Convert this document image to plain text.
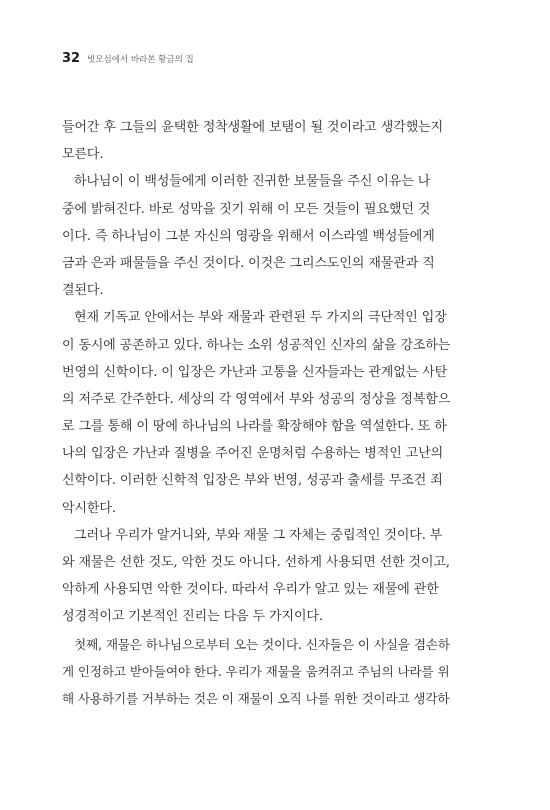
32 빗모섬에서 바라본 황금의 집
들어간 후 그들의 윤택한 정착생활에 보탬이 될 것이라고 생각했는지
모른다.
하나님이 이 백성들에게 이러한 진귀한 보물들을 주신 이유는 나
중에 밝혀진다. 바로 성막을 짓기 위해 이 모든 것들이 필요했던 것
이다. 즉 하나님이 그분 자신의 영광을 위해서 이스라엘 백성들에게
금과 은과 패물들을 주신 것이다. 이것은 그리스도인의 재물관과 직
결된다.
현재 기독교 안에서는 부와 재물과 관련된 두 가지의 극단적인 입장
이 동시에 공존하고 있다. 하나는 소위 성공적인 신자의 삶을 강조하는
번영의 신학이다. 이 입장은 가난과 고통을 신자들과는 관계없는 사탄
의 저주로 간주한다. 세상의 각 영역에서 부와 성공의 정상을 정복함으
로 그를 통해 이 땅에 하나님의 나라를 확장해야 함을 역설한다. 또 하
나의 입장은 가난과 질병을 주어진 운명처럼 수용하는 병적인 고난의
신학이다. 이러한 신학적 입장은 부와 번영, 성공과 출세를 무조건 죄
악시한다.
그러나 우리가 알거니와, 부와 재물 그 자체는 중립적인 것이다. 부
와 재물은 선한 것도, 악한 것도 아니다. 선하게 사용되면 선한 것이고,
악하게 사용되면 악한 것이다. 따라서 우리가 알고 있는 재물에 관한
성경적이고 기본적인 진리는 다음 두 가지이다.
첫째, 재물은 하나님으로부터 오는 것이다. 신자들은 이 사실을 겸손하
게 인정하고 받아들여야 한다. 우리가 재물을 움켜쥐고 주님의 나라를 위
해 사용하기를 거부하는 것은 이 재물이 오직 나를 위한 것이라고 생각하
